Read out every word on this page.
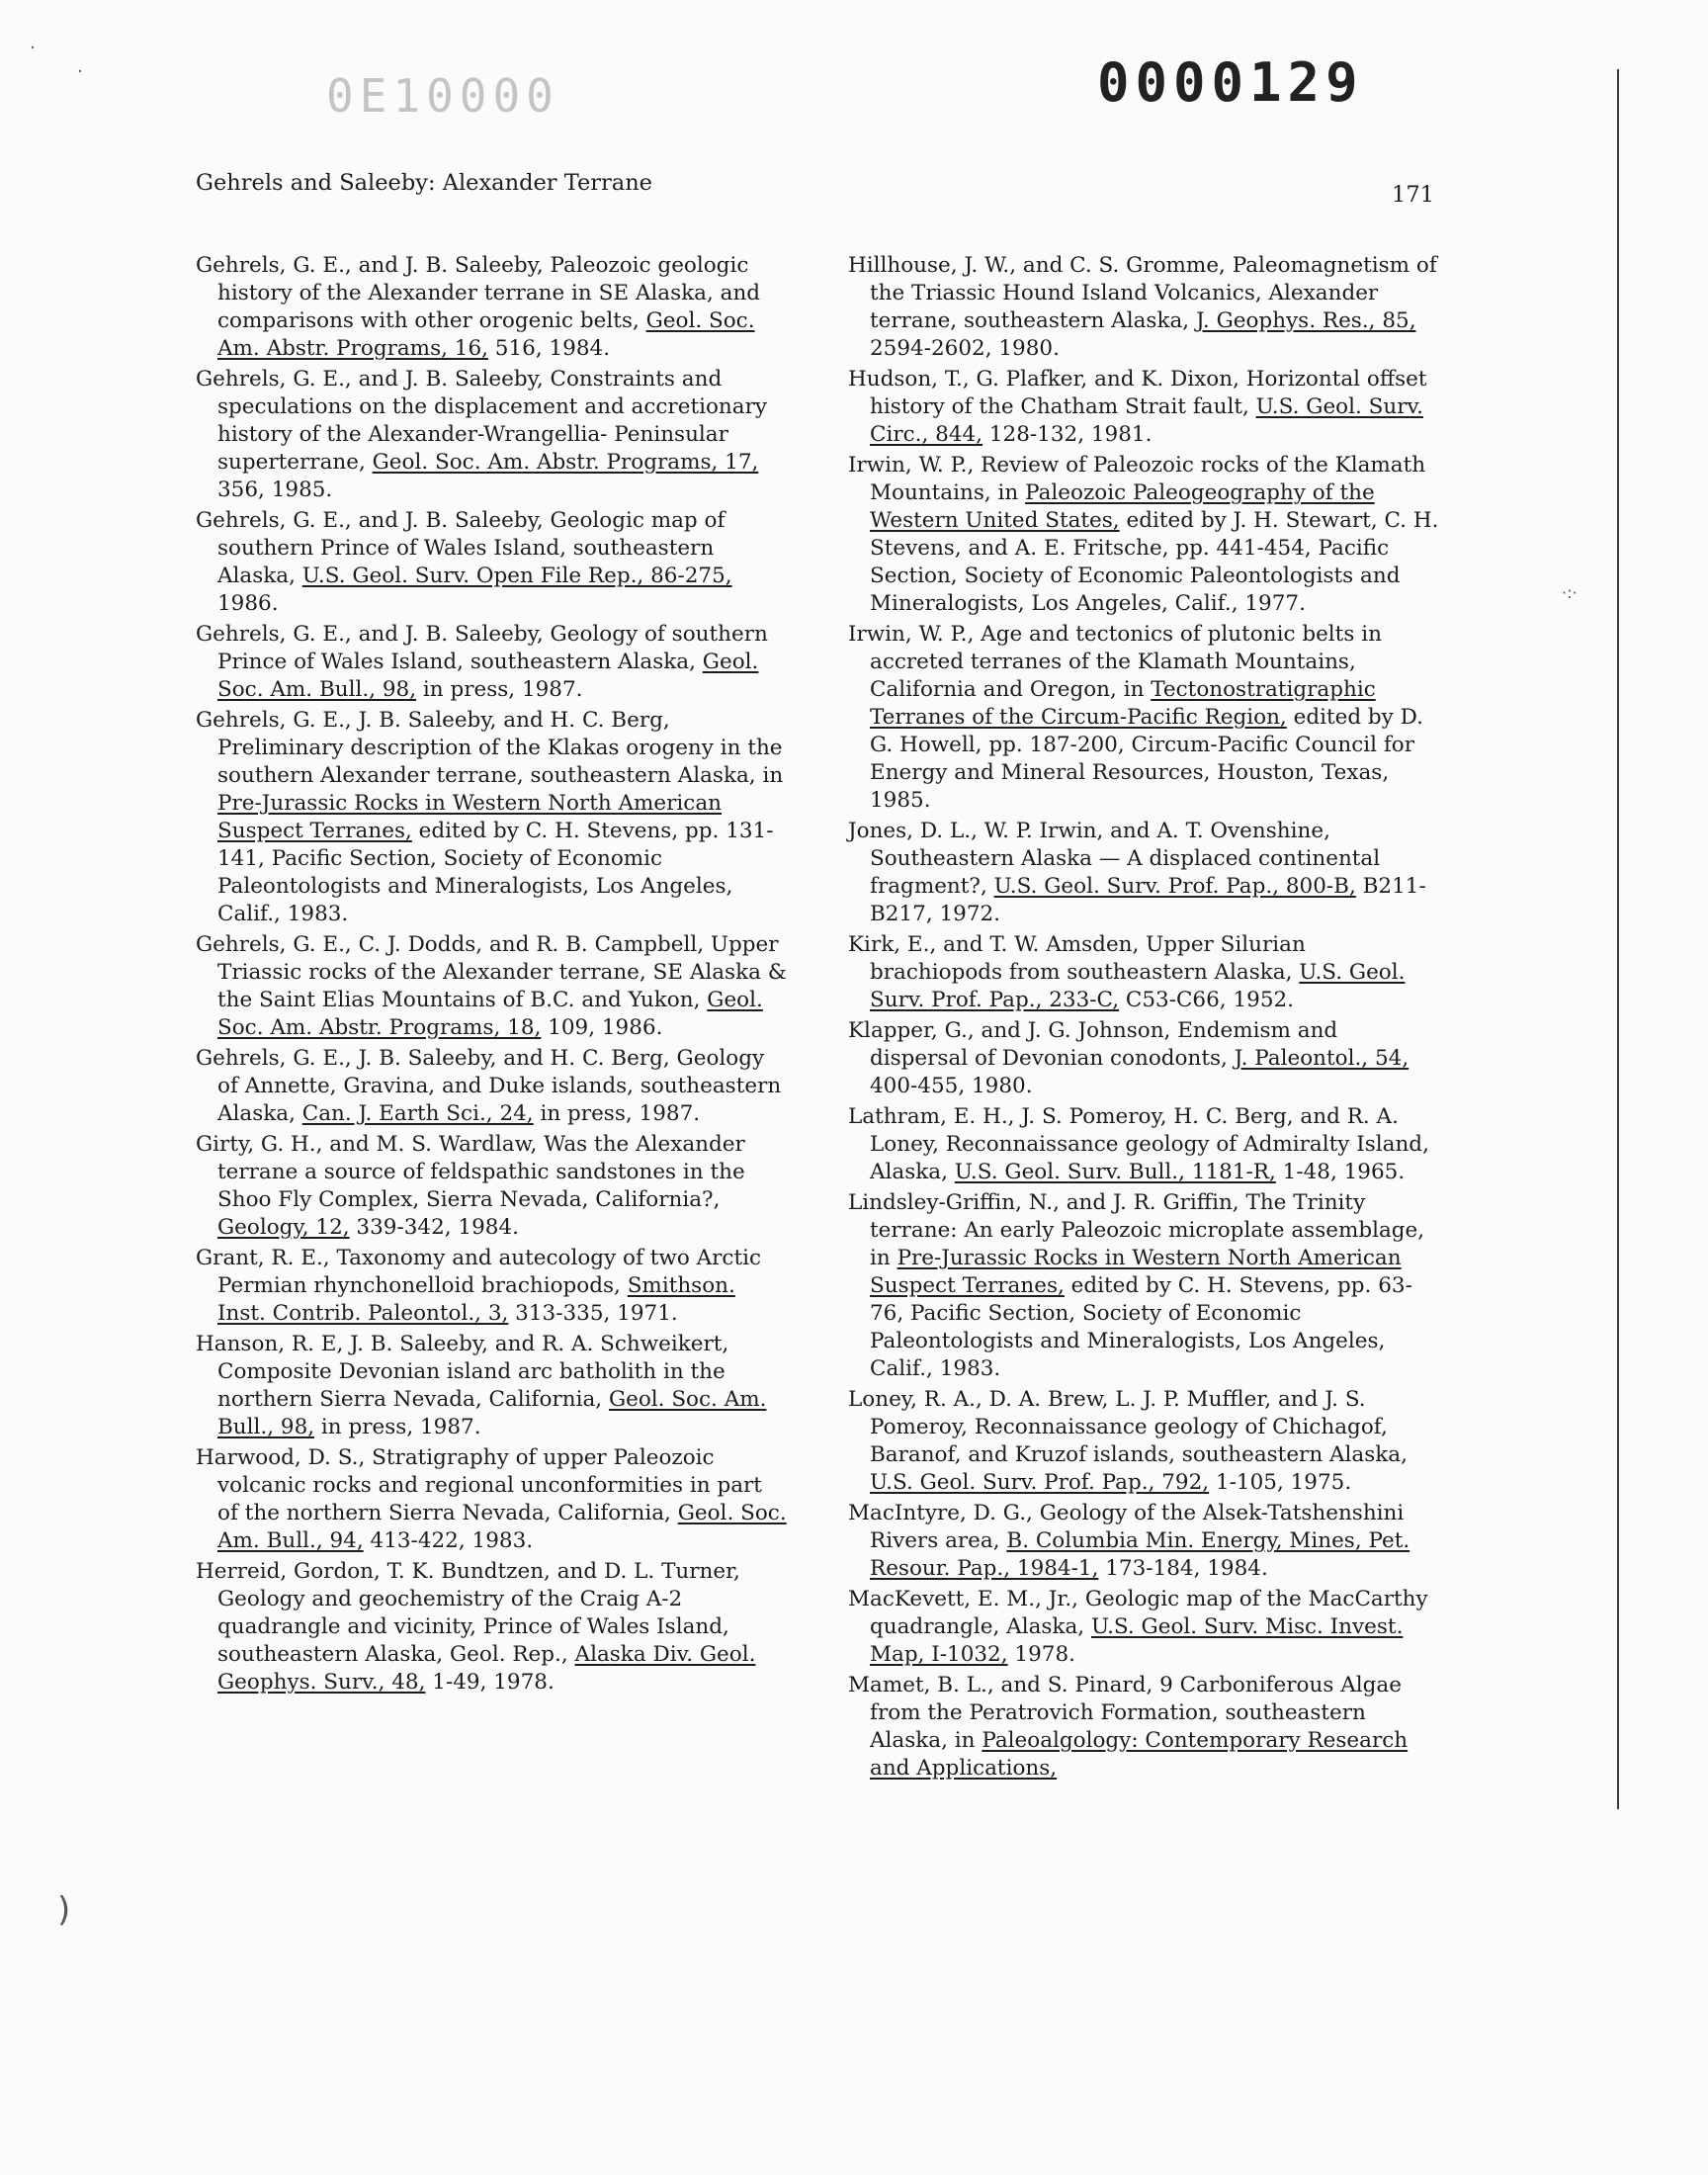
0E10000	0000129
Gehrels and Saleeby: Alexander Terrane	171

Gehrels, G. E., and J. B. Saleeby, Paleozoic geologic history of the Alexander terrane in SE Alaska, and comparisons with other orogenic belts, Geol. Soc. Am. Abstr. Programs, 16, 516, 1984.

Gehrels, G. E., and J. B. Saleeby, Constraints and speculations on the displacement and accretionary history of the Alexander-Wrangellia- Peninsular superterrane, Geol. Soc. Am. Abstr. Programs, 17, 356, 1985.

Gehrels, G. E., and J. B. Saleeby, Geologic map of southern Prince of Wales Island, southeastern Alaska, U.S. Geol. Surv. Open File Rep., 86-275, 1986.

Gehrels, G. E., and J. B. Saleeby, Geology of southern Prince of Wales Island, southeastern Alaska, Geol. Soc. Am. Bull., 98, in press, 1987.

Gehrels, G. E., J. B. Saleeby, and H. C. Berg, Preliminary description of the Klakas orogeny in the southern Alexander terrane, southeastern Alaska, in Pre-Jurassic Rocks in Western North American Suspect Terranes, edited by C. H. Stevens, pp. 131-141, Pacific Section, Society of Economic Paleontologists and Mineralogists, Los Angeles, Calif., 1983.

Gehrels, G. E., C. J. Dodds, and R. B. Campbell, Upper Triassic rocks of the Alexander terrane, SE Alaska & the Saint Elias Mountains of B.C. and Yukon, Geol. Soc. Am. Abstr. Programs, 18, 109, 1986.

Gehrels, G. E., J. B. Saleeby, and H. C. Berg, Geology of Annette, Gravina, and Duke islands, southeastern Alaska, Can. J. Earth Sci., 24, in press, 1987.

Girty, G. H., and M. S. Wardlaw, Was the Alexander terrane a source of feldspathic sandstones in the Shoo Fly Complex, Sierra Nevada, California?, Geology, 12, 339-342, 1984.

Grant, R. E., Taxonomy and autecology of two Arctic Permian rhynchonelloid brachiopods, Smithson. Inst. Contrib. Paleontol., 3, 313-335, 1971.

Hanson, R. E, J. B. Saleeby, and R. A. Schweikert, Composite Devonian island arc batholith in the northern Sierra Nevada, California, Geol. Soc. Am. Bull., 98, in press, 1987.

Harwood, D. S., Stratigraphy of upper Paleozoic volcanic rocks and regional unconformities in part of the northern Sierra Nevada, California, Geol. Soc. Am. Bull., 94, 413-422, 1983.

Herreid, Gordon, T. K. Bundtzen, and D. L. Turner, Geology and geochemistry of the Craig A-2 quadrangle and vicinity, Prince of Wales Island, southeastern Alaska, Geol. Rep., Alaska Div. Geol. Geophys. Surv., 48, 1-49, 1978.

Hillhouse, J. W., and C. S. Gromme, Paleomagnetism of the Triassic Hound Island Volcanics, Alexander terrane, southeastern Alaska, J. Geophys. Res., 85, 2594-2602, 1980.

Hudson, T., G. Plafker, and K. Dixon, Horizontal offset history of the Chatham Strait fault, U.S. Geol. Surv. Circ., 844, 128-132, 1981.

Irwin, W. P., Review of Paleozoic rocks of the Klamath Mountains, in Paleozoic Paleogeography of the Western United States, edited by J. H. Stewart, C. H. Stevens, and A. E. Fritsche, pp. 441-454, Pacific Section, Society of Economic Paleontologists and Mineralogists, Los Angeles, Calif., 1977.

Irwin, W. P., Age and tectonics of plutonic belts in accreted terranes of the Klamath Mountains, California and Oregon, in Tectonostratigraphic Terranes of the Circum-Pacific Region, edited by D. G. Howell, pp. 187-200, Circum-Pacific Council for Energy and Mineral Resources, Houston, Texas, 1985.

Jones, D. L., W. P. Irwin, and A. T. Ovenshine, Southeastern Alaska — A displaced continental fragment?, U.S. Geol. Surv. Prof. Pap., 800-B, B211-B217, 1972.

Kirk, E., and T. W. Amsden, Upper Silurian brachiopods from southeastern Alaska, U.S. Geol. Surv. Prof. Pap., 233-C, C53-C66, 1952.

Klapper, G., and J. G. Johnson, Endemism and dispersal of Devonian conodonts, J. Paleontol., 54, 400-455, 1980.

Lathram, E. H., J. S. Pomeroy, H. C. Berg, and R. A. Loney, Reconnaissance geology of Admiralty Island, Alaska, U.S. Geol. Surv. Bull., 1181-R, 1-48, 1965.

Lindsley-Griffin, N., and J. R. Griffin, The Trinity terrane: An early Paleozoic microplate assemblage, in Pre-Jurassic Rocks in Western North American Suspect Terranes, edited by C. H. Stevens, pp. 63-76, Pacific Section, Society of Economic Paleontologists and Mineralogists, Los Angeles, Calif., 1983.

Loney, R. A., D. A. Brew, L. J. P. Muffler, and J. S. Pomeroy, Reconnaissance geology of Chichagof, Baranof, and Kruzof islands, southeastern Alaska, U.S. Geol. Surv. Prof. Pap., 792, 1-105, 1975.

MacIntyre, D. G., Geology of the Alsek-Tatshenshini Rivers area, B. Columbia Min. Energy, Mines, Pet. Resour. Pap., 1984-1, 173-184, 1984.

MacKevett, E. M., Jr., Geologic map of the MacCarthy quadrangle, Alaska, U.S. Geol. Surv. Misc. Invest. Map, I-1032, 1978.

Mamet, B. L., and S. Pinard, 9 Carboniferous Algae from the Peratrovich Formation, southeastern Alaska, in Paleoalgology: Contemporary Research and Applications,

·
·
·:·
)
